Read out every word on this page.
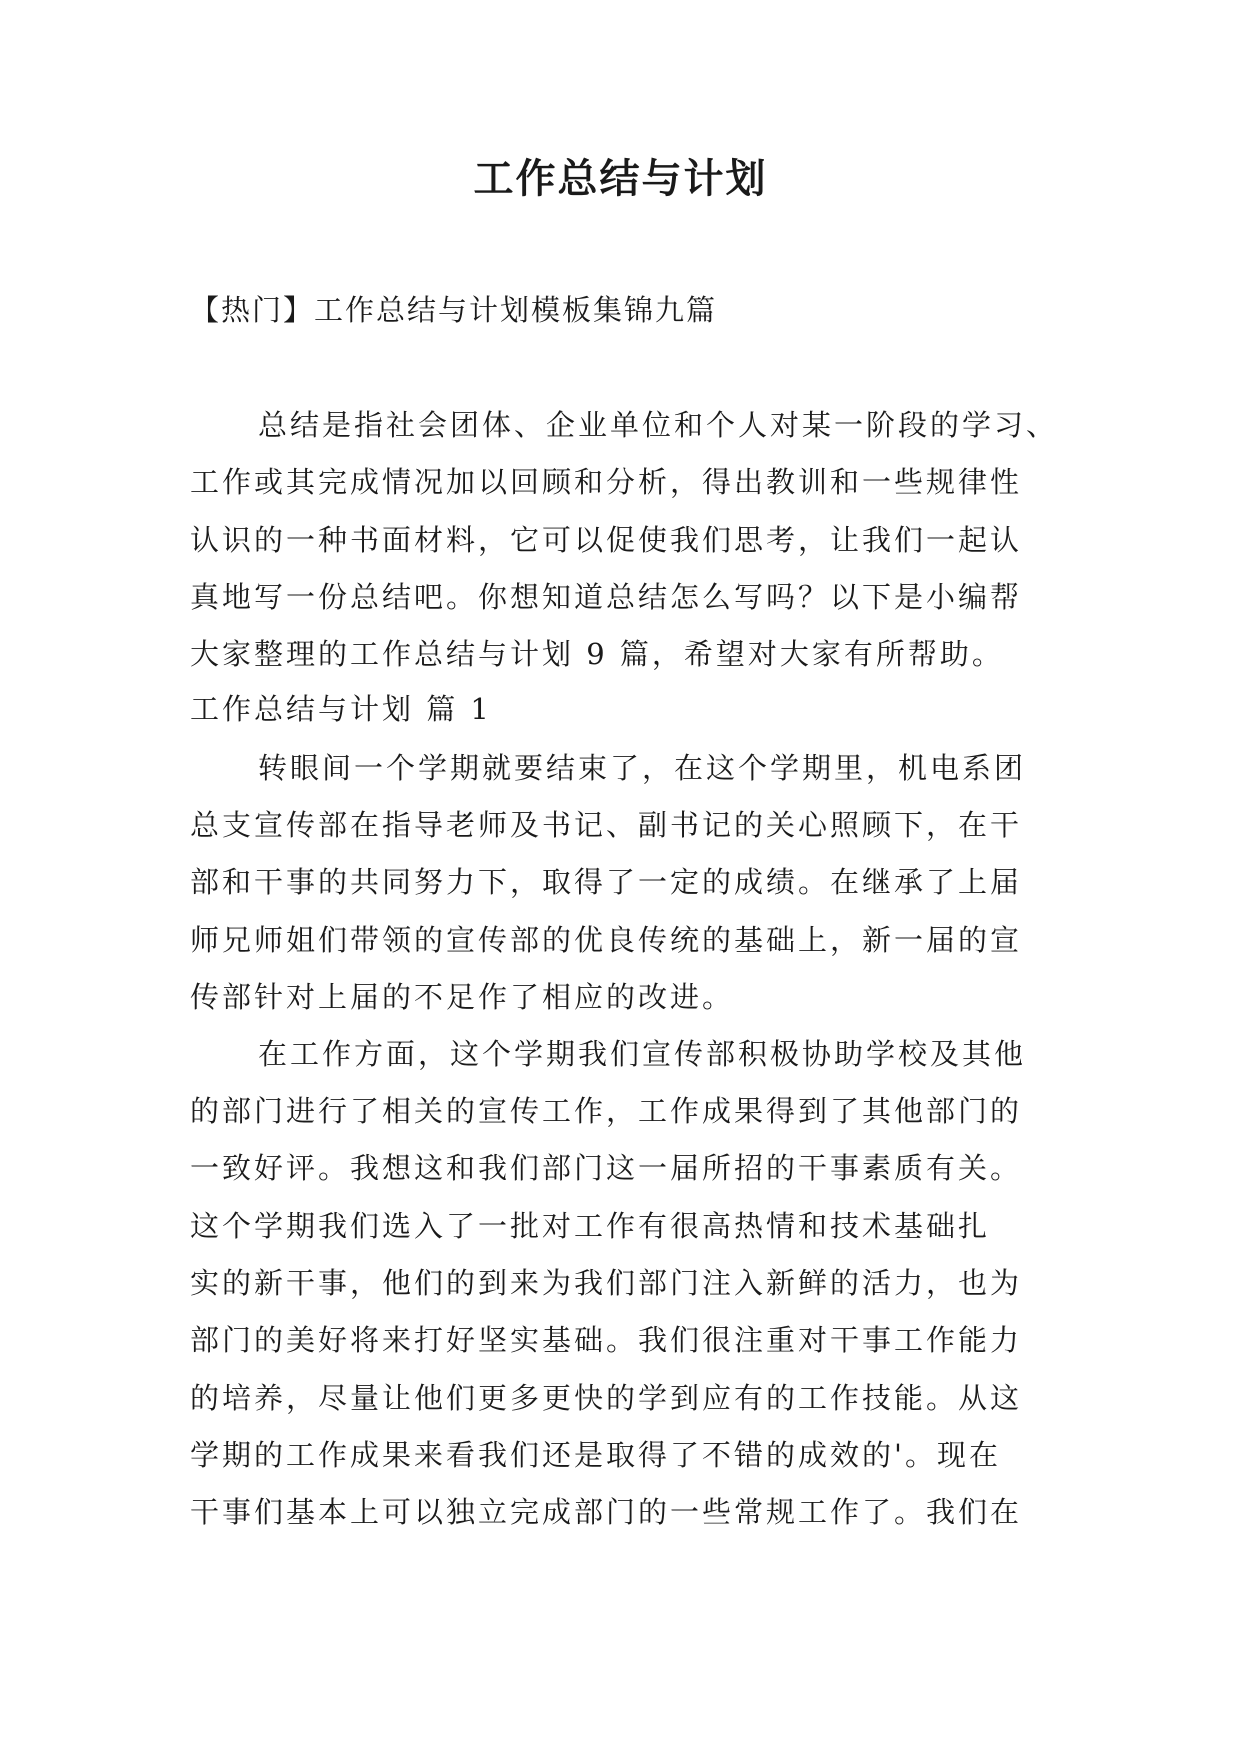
工作总结与计划

【热门】工作总结与计划模板集锦九篇

总结是指社会团体、企业单位和个人对某一阶段的学习、

工作或其完成情况加以回顾和分析，得出教训和一些规律性

认识的一种书面材料，它可以促使我们思考，让我们一起认

真地写一份总结吧。你想知道总结怎么写吗？以下是小编帮

大家整理的工作总结与计划 9 篇，希望对大家有所帮助。

工作总结与计划 篇 1

转眼间一个学期就要结束了，在这个学期里，机电系团

总支宣传部在指导老师及书记、副书记的关心照顾下，在干

部和干事的共同努力下，取得了一定的成绩。在继承了上届

师兄师姐们带领的宣传部的优良传统的基础上，新一届的宣

传部针对上届的不足作了相应的改进。

在工作方面，这个学期我们宣传部积极协助学校及其他

的部门进行了相关的宣传工作，工作成果得到了其他部门的

一致好评。我想这和我们部门这一届所招的干事素质有关。

这个学期我们选入了一批对工作有很高热情和技术基础扎

实的新干事，他们的到来为我们部门注入新鲜的活力，也为

部门的美好将来打好坚实基础。我们很注重对干事工作能力

的培养，尽量让他们更多更快的学到应有的工作技能。从这

学期的工作成果来看我们还是取得了不错的成效的'。现在

干事们基本上可以独立完成部门的一些常规工作了。我们在
